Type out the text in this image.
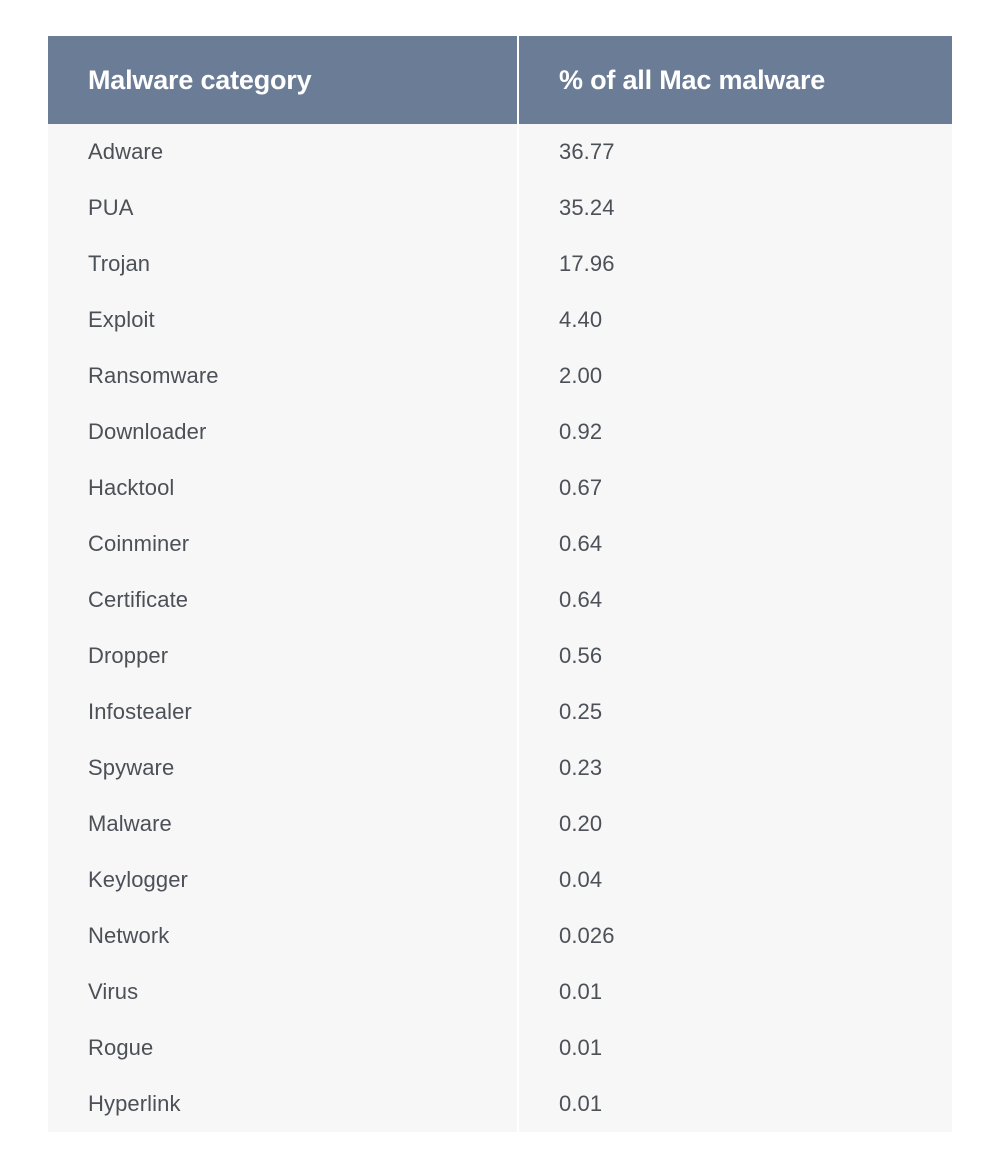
Malware category	% of all Mac malware
Adware	36.77
PUA	35.24
Trojan	17.96
Exploit	4.40
Ransomware	2.00
Downloader	0.92
Hacktool	0.67
Coinminer	0.64
Certificate	0.64
Dropper	0.56
Infostealer	0.25
Spyware	0.23
Malware	0.20
Keylogger	0.04
Network	0.026
Virus	0.01
Rogue	0.01
Hyperlink	0.01
